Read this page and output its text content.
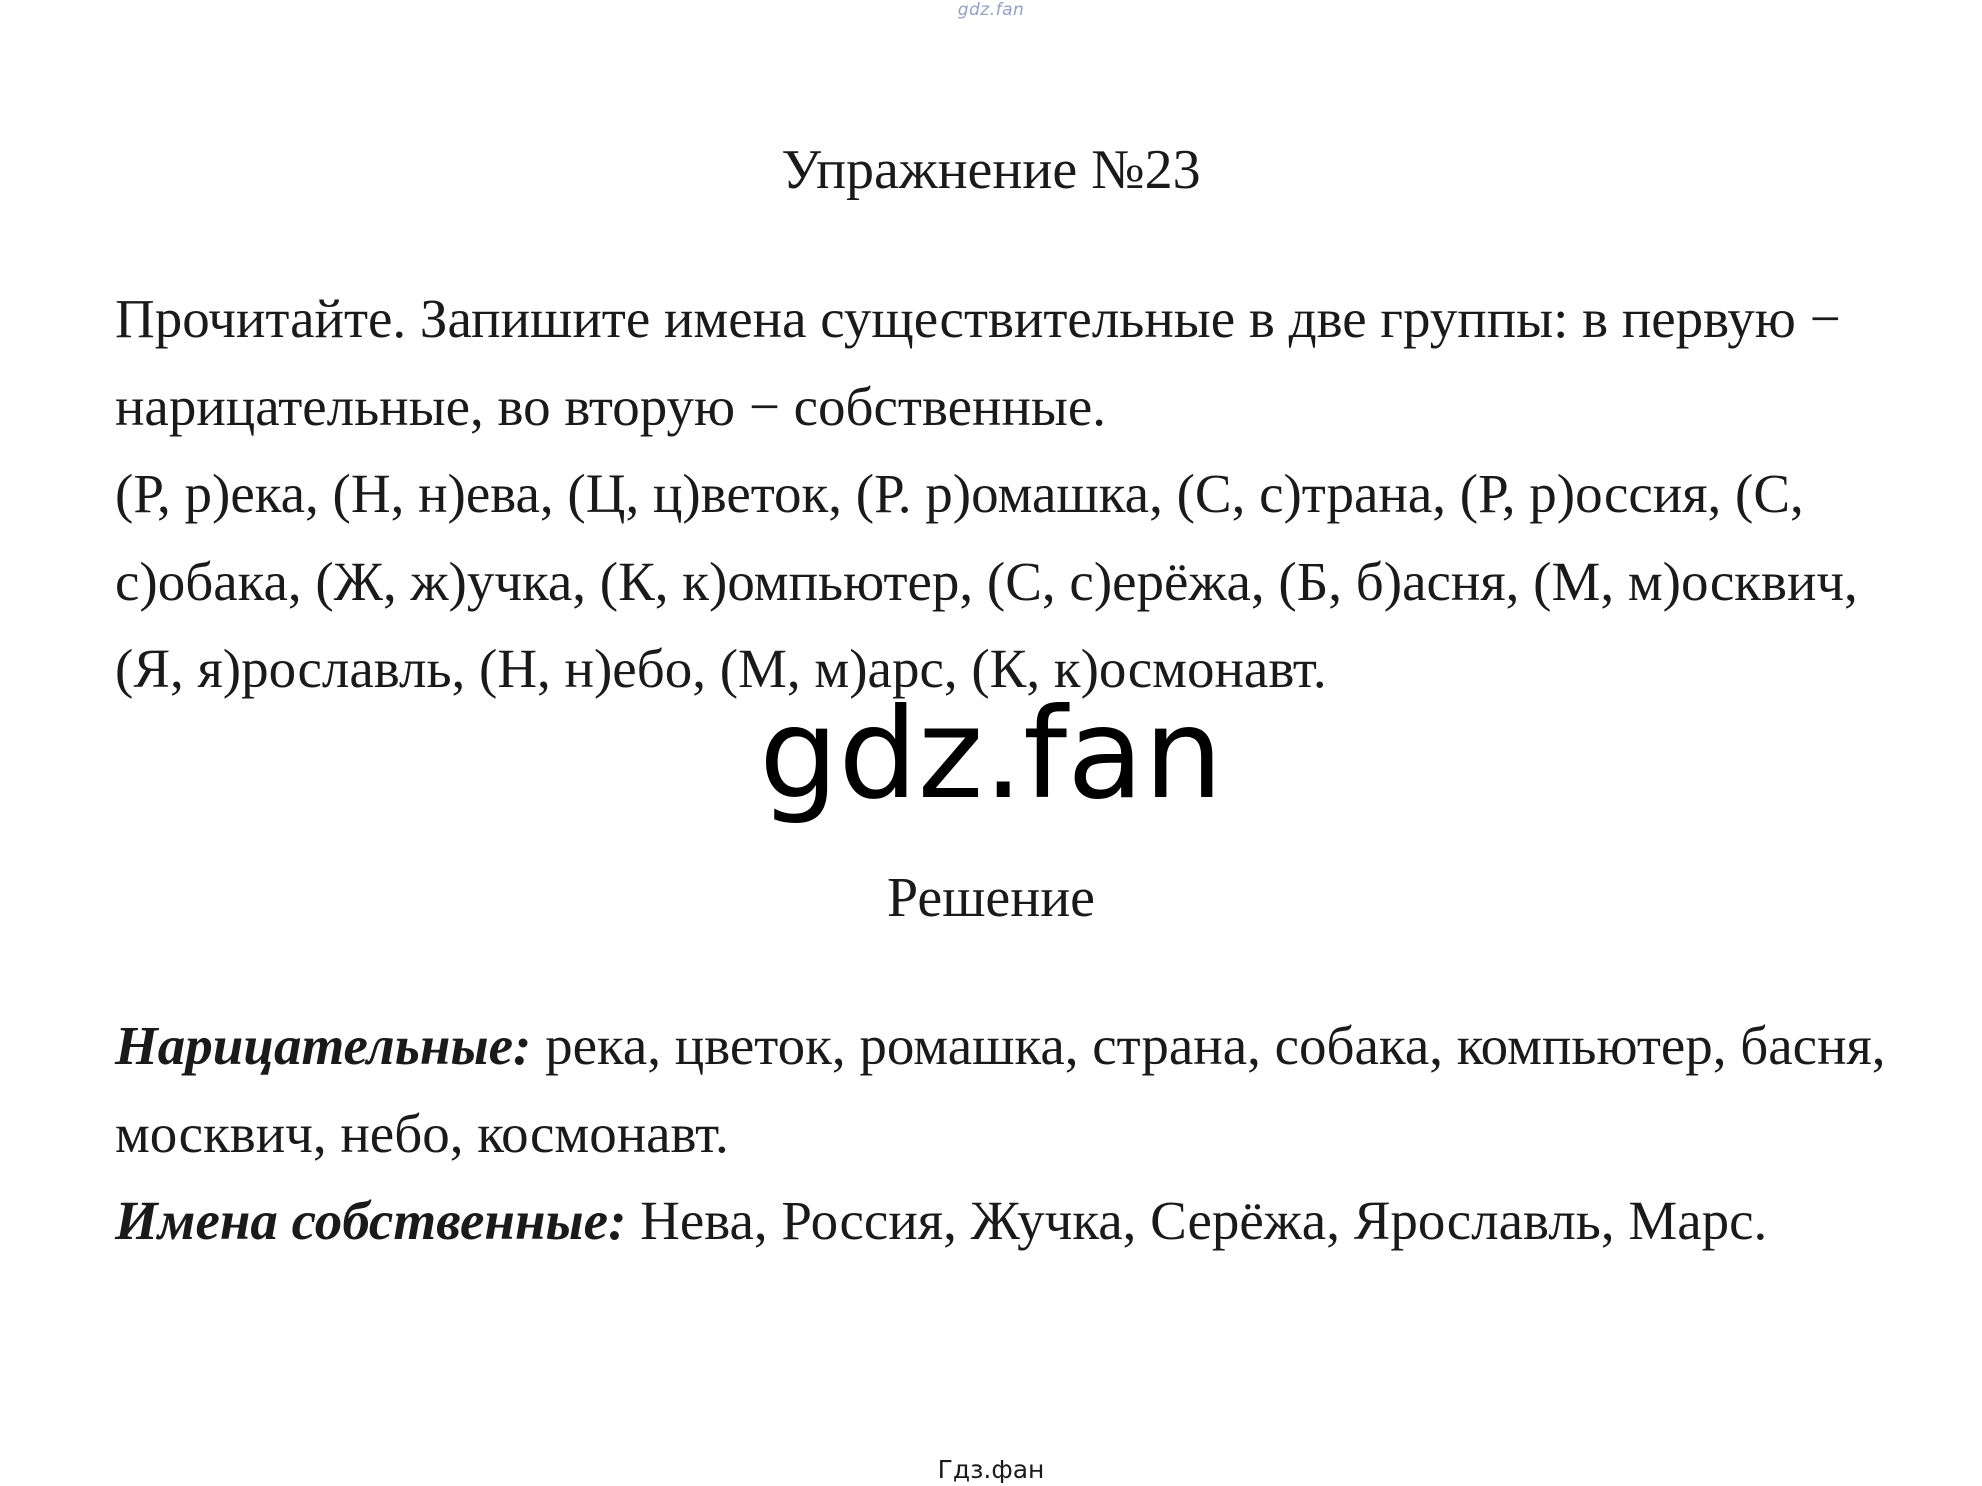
gdz.fan
Упражнение №23

Прочитайте. Запишите имена существительные в две группы: в первую − нарицательные, во вторую − собственные.

(Р, р)ека, (Н, н)ева, (Ц, ц)веток, (Р. р)омашка, (С, с)трана, (Р, р)оссия, (С, с)обака, (Ж, ж)учка, (К, к)омпьютер, (С, с)ерёжа, (Б, б)асня, (М, м)осквич, (Я, я)рославль, (Н, н)ебо, (М, м)арс, (К, к)осмонавт.

gdz.fan
Решение

Нарицательные: река, цветок, ромашка, страна, собака, компьютер, басня, москвич, небо, космонавт.

Имена собственные: Нева, Россия, Жучка, Серёжа, Ярославль, Марс.

Гдз.фан
